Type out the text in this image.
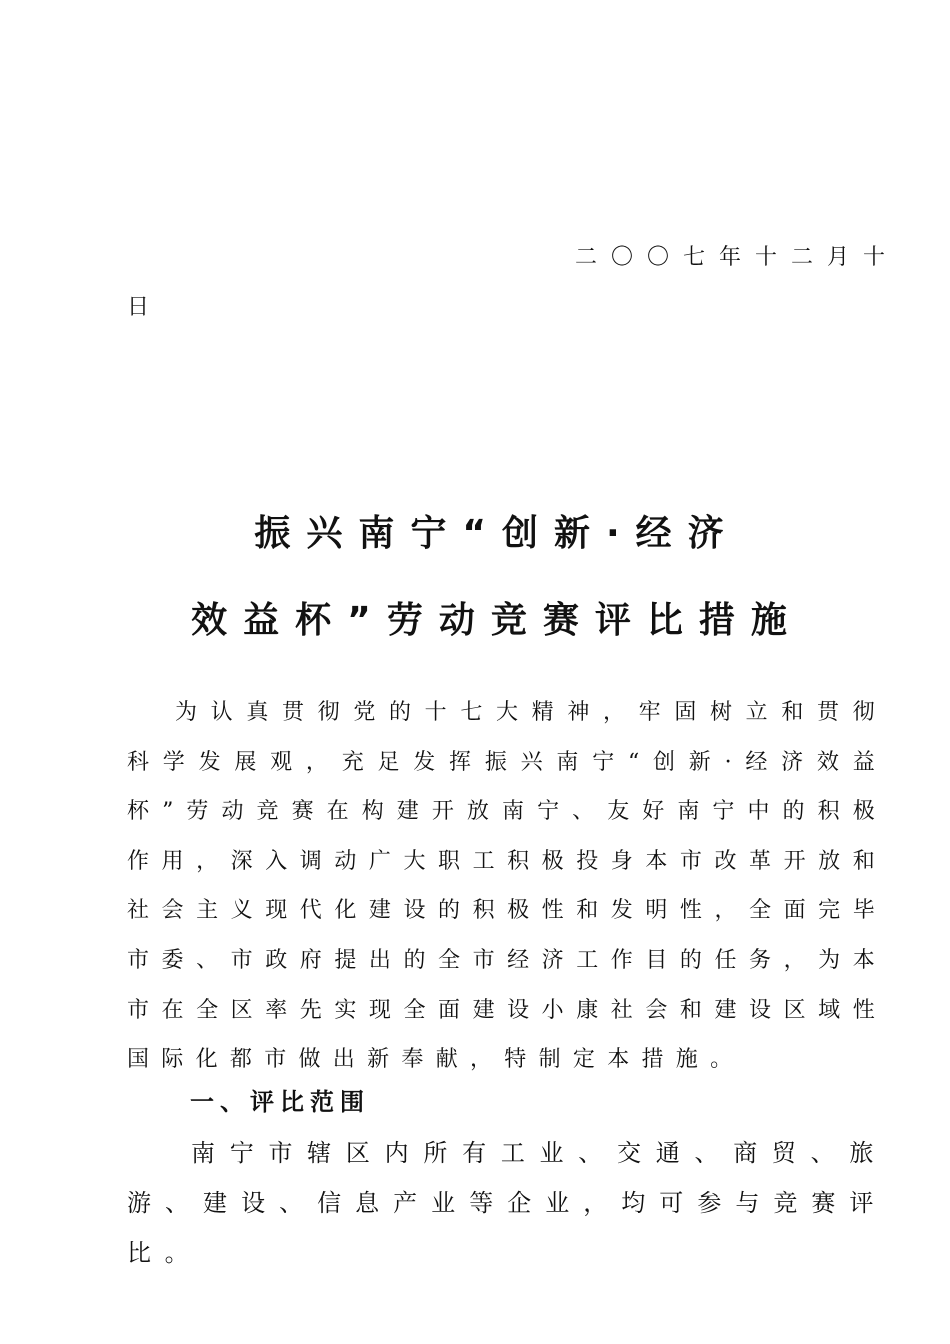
二〇〇七年十二月十
日
振兴南宁“创新·经济
效益杯”劳动竞赛评比措施

为认真贯彻党的十七大精神，牢固树立和贯彻科学发展观，充足发挥振兴南宁“创新·经济效益杯”劳动竞赛在构建开放南宁、友好南宁中的积极作用，深入调动广大职工积极投身本市改革开放和社会主义现代化建设的积极性和发明性，全面完毕市委、市政府提出的全市经济工作目的任务，为本市在全区率先实现全面建设小康社会和建设区域性国际化都市做出新奉献，特制定本措施。

一、评比范围

南宁市辖区内所有工业、交通、商贸、旅游、建设、信息产业等企业，均可参与竞赛评比。
